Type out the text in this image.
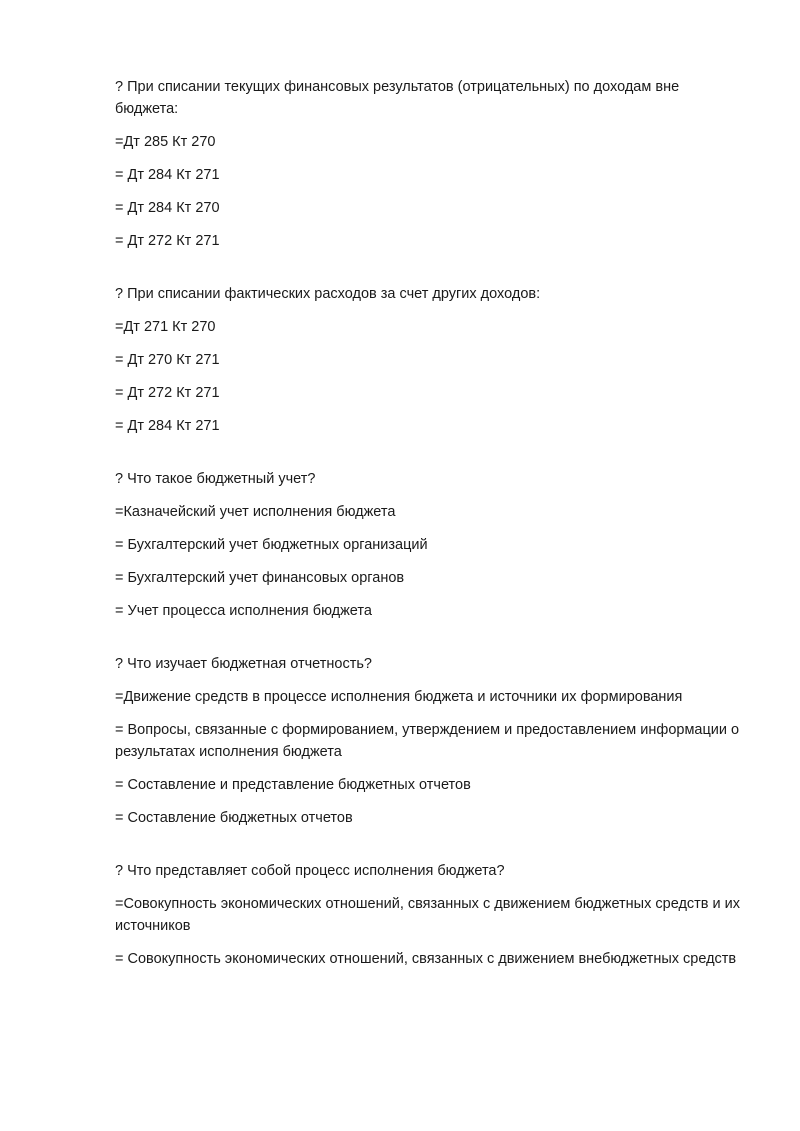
? При списании текущих финансовых результатов (отрицательных) по доходам вне бюджета:

=Дт 285 Кт 270

= Дт 284 Кт 271

= Дт 284 Кт 270

= Дт 272 Кт 271

? При списании фактических расходов за счет других доходов:

=Дт 271 Кт 270

= Дт 270 Кт 271

= Дт 272 Кт 271

= Дт 284 Кт 271

? Что такое бюджетный учет?

=Казначейский учет исполнения бюджета

= Бухгалтерский учет бюджетных организаций

= Бухгалтерский учет финансовых органов

= Учет процесса исполнения бюджета

? Что изучает бюджетная отчетность?

=Движение средств в процессе исполнения бюджета и источники их формирования

= Вопросы, связанные с формированием, утверждением и предоставлением информации о результатах исполнения бюджета

= Составление и представление бюджетных отчетов

= Составление бюджетных отчетов

? Что представляет собой процесс исполнения бюджета?

=Совокупность экономических отношений, связанных с движением бюджетных средств и их источников

= Совокупность экономических отношений, связанных с движением внебюджетных средств
